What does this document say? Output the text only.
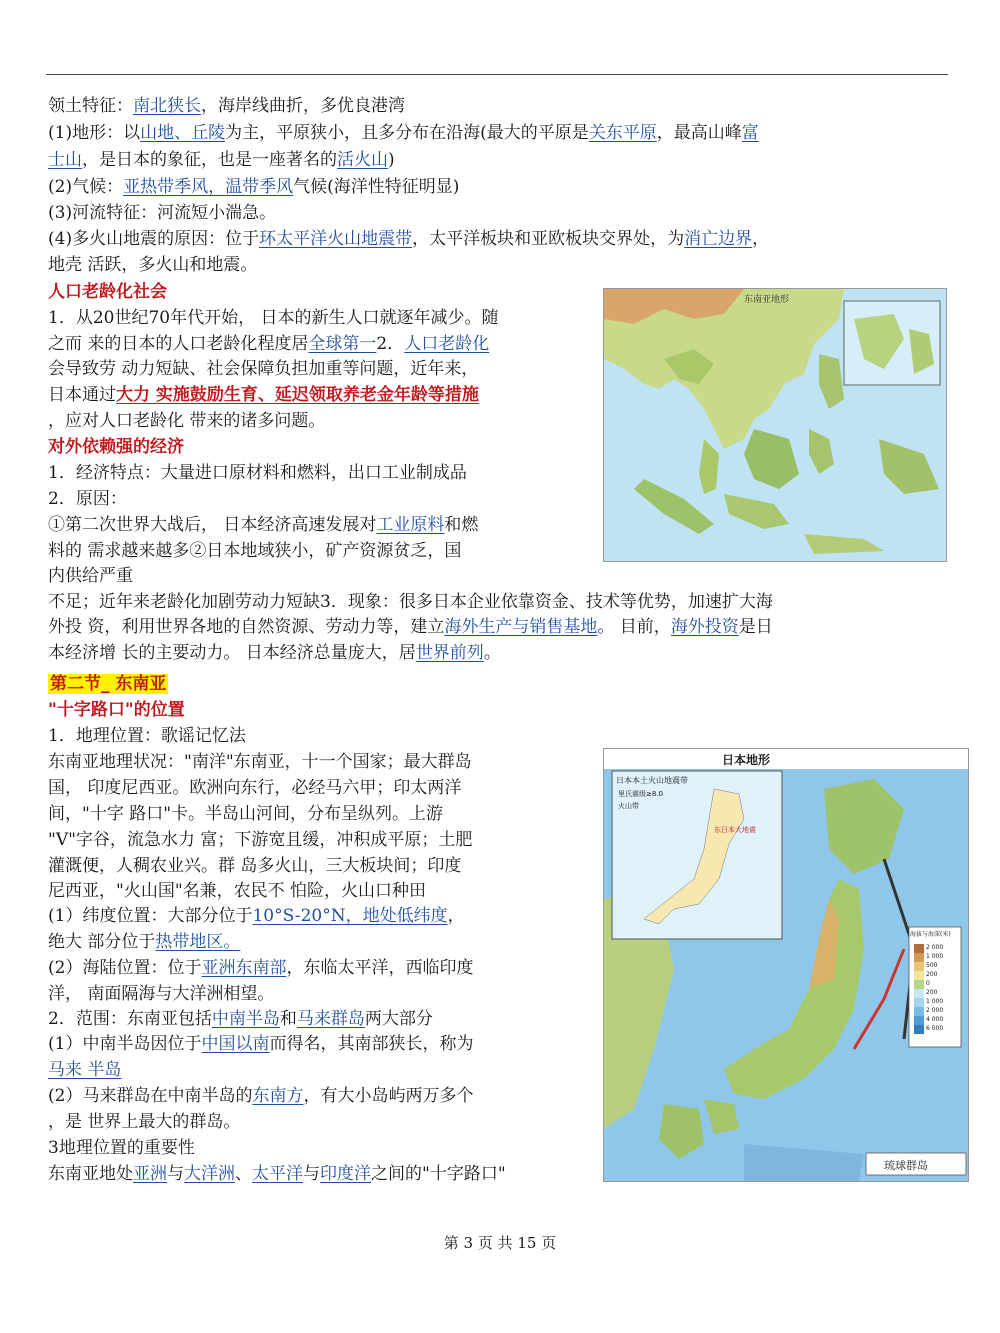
领土特征：南北狭长，海岸线曲折，多优良港湾
(1)地形：以山地、丘陵为主，平原狭小，且多分布在沿海(最大的平原是关东平原，最高山峰富
士山，是日本的象征，也是一座著名的活火山)
(2)气候：亚热带季风，温带季风气候(海洋性特征明显)
(3)河流特征：河流短小湍急。
(4)多火山地震的原因：位于环太平洋火山地震带，太平洋板块和亚欧板块交界处，为消亡边界，
地壳 活跃，多火山和地震。
人口老龄化社会
1．从20世纪70年代开始， 日本的新生人口就逐年减少。随
之而 来的日本的人口老龄化程度居全球第一2．人口老龄化
会导致劳 动力短缺、社会保障负担加重等问题，近年来，
日本通过大力 实施鼓励生育、延迟领取养老金年龄等措施
，应对人口老龄化 带来的诸多问题。
对外依赖强的经济
1．经济特点：大量进口原材料和燃料，出口工业制成品
2．原因：
①第二次世界大战后， 日本经济高速发展对工业原料和燃
料的 需求越来越多②日本地域狭小，矿产资源贫乏，国
内供给严重
不足；近年来老龄化加剧劳动力短缺3．现象：很多日本企业依靠资金、技术等优势，加速扩大海
外投 资，利用世界各地的自然资源、劳动力等，建立海外生产与销售基地。 目前，海外投资是日
本经济增 长的主要动力。 日本经济总量庞大，居世界前列。
第二节_ 东南亚
"十字路口"的位置
1．地理位置：歌谣记忆法
东南亚地理状况："南洋"东南亚，十一个国家；最大群岛
国， 印度尼西亚。欧洲向东行，必经马六甲；印太两洋
间，"十字 路口"卡。半岛山河间，分布呈纵列。上游
"V"字谷，流急水力 富；下游宽且缓，冲积成平原；土肥
灌溉便，人稠农业兴。群 岛多火山，三大板块间；印度
尼西亚，"火山国"名兼，农民不 怕险，火山口种田
(1）纬度位置：大部分位于10°S-20°N，地处低纬度，
绝大 部分位于热带地区。
(2）海陆位置：位于亚洲东南部，东临太平洋，西临印度
洋， 南面隔海与大洋洲相望。
2．范围：东南亚包括中南半岛和马来群岛两大部分
(1）中南半岛因位于中国以南而得名，其南部狭长，称为
马来 半岛
(2）马来群岛在中南半岛的东南方，有大小岛屿两万多个
，是 世界上最大的群岛。
3地理位置的重要性
东南亚地处亚洲与大洋洲、太平洋与印度洋之间的"十字路口"
东南亚地形
日本地形
日本本土火山地震带
里氏震级≥8.0
火山带
东日本大地震
海拔与海深(米)
2 000
1 000
500
200
0
200
1 000
2 000
4 000
6 000
琉球群岛
第 3 页 共 15 页
